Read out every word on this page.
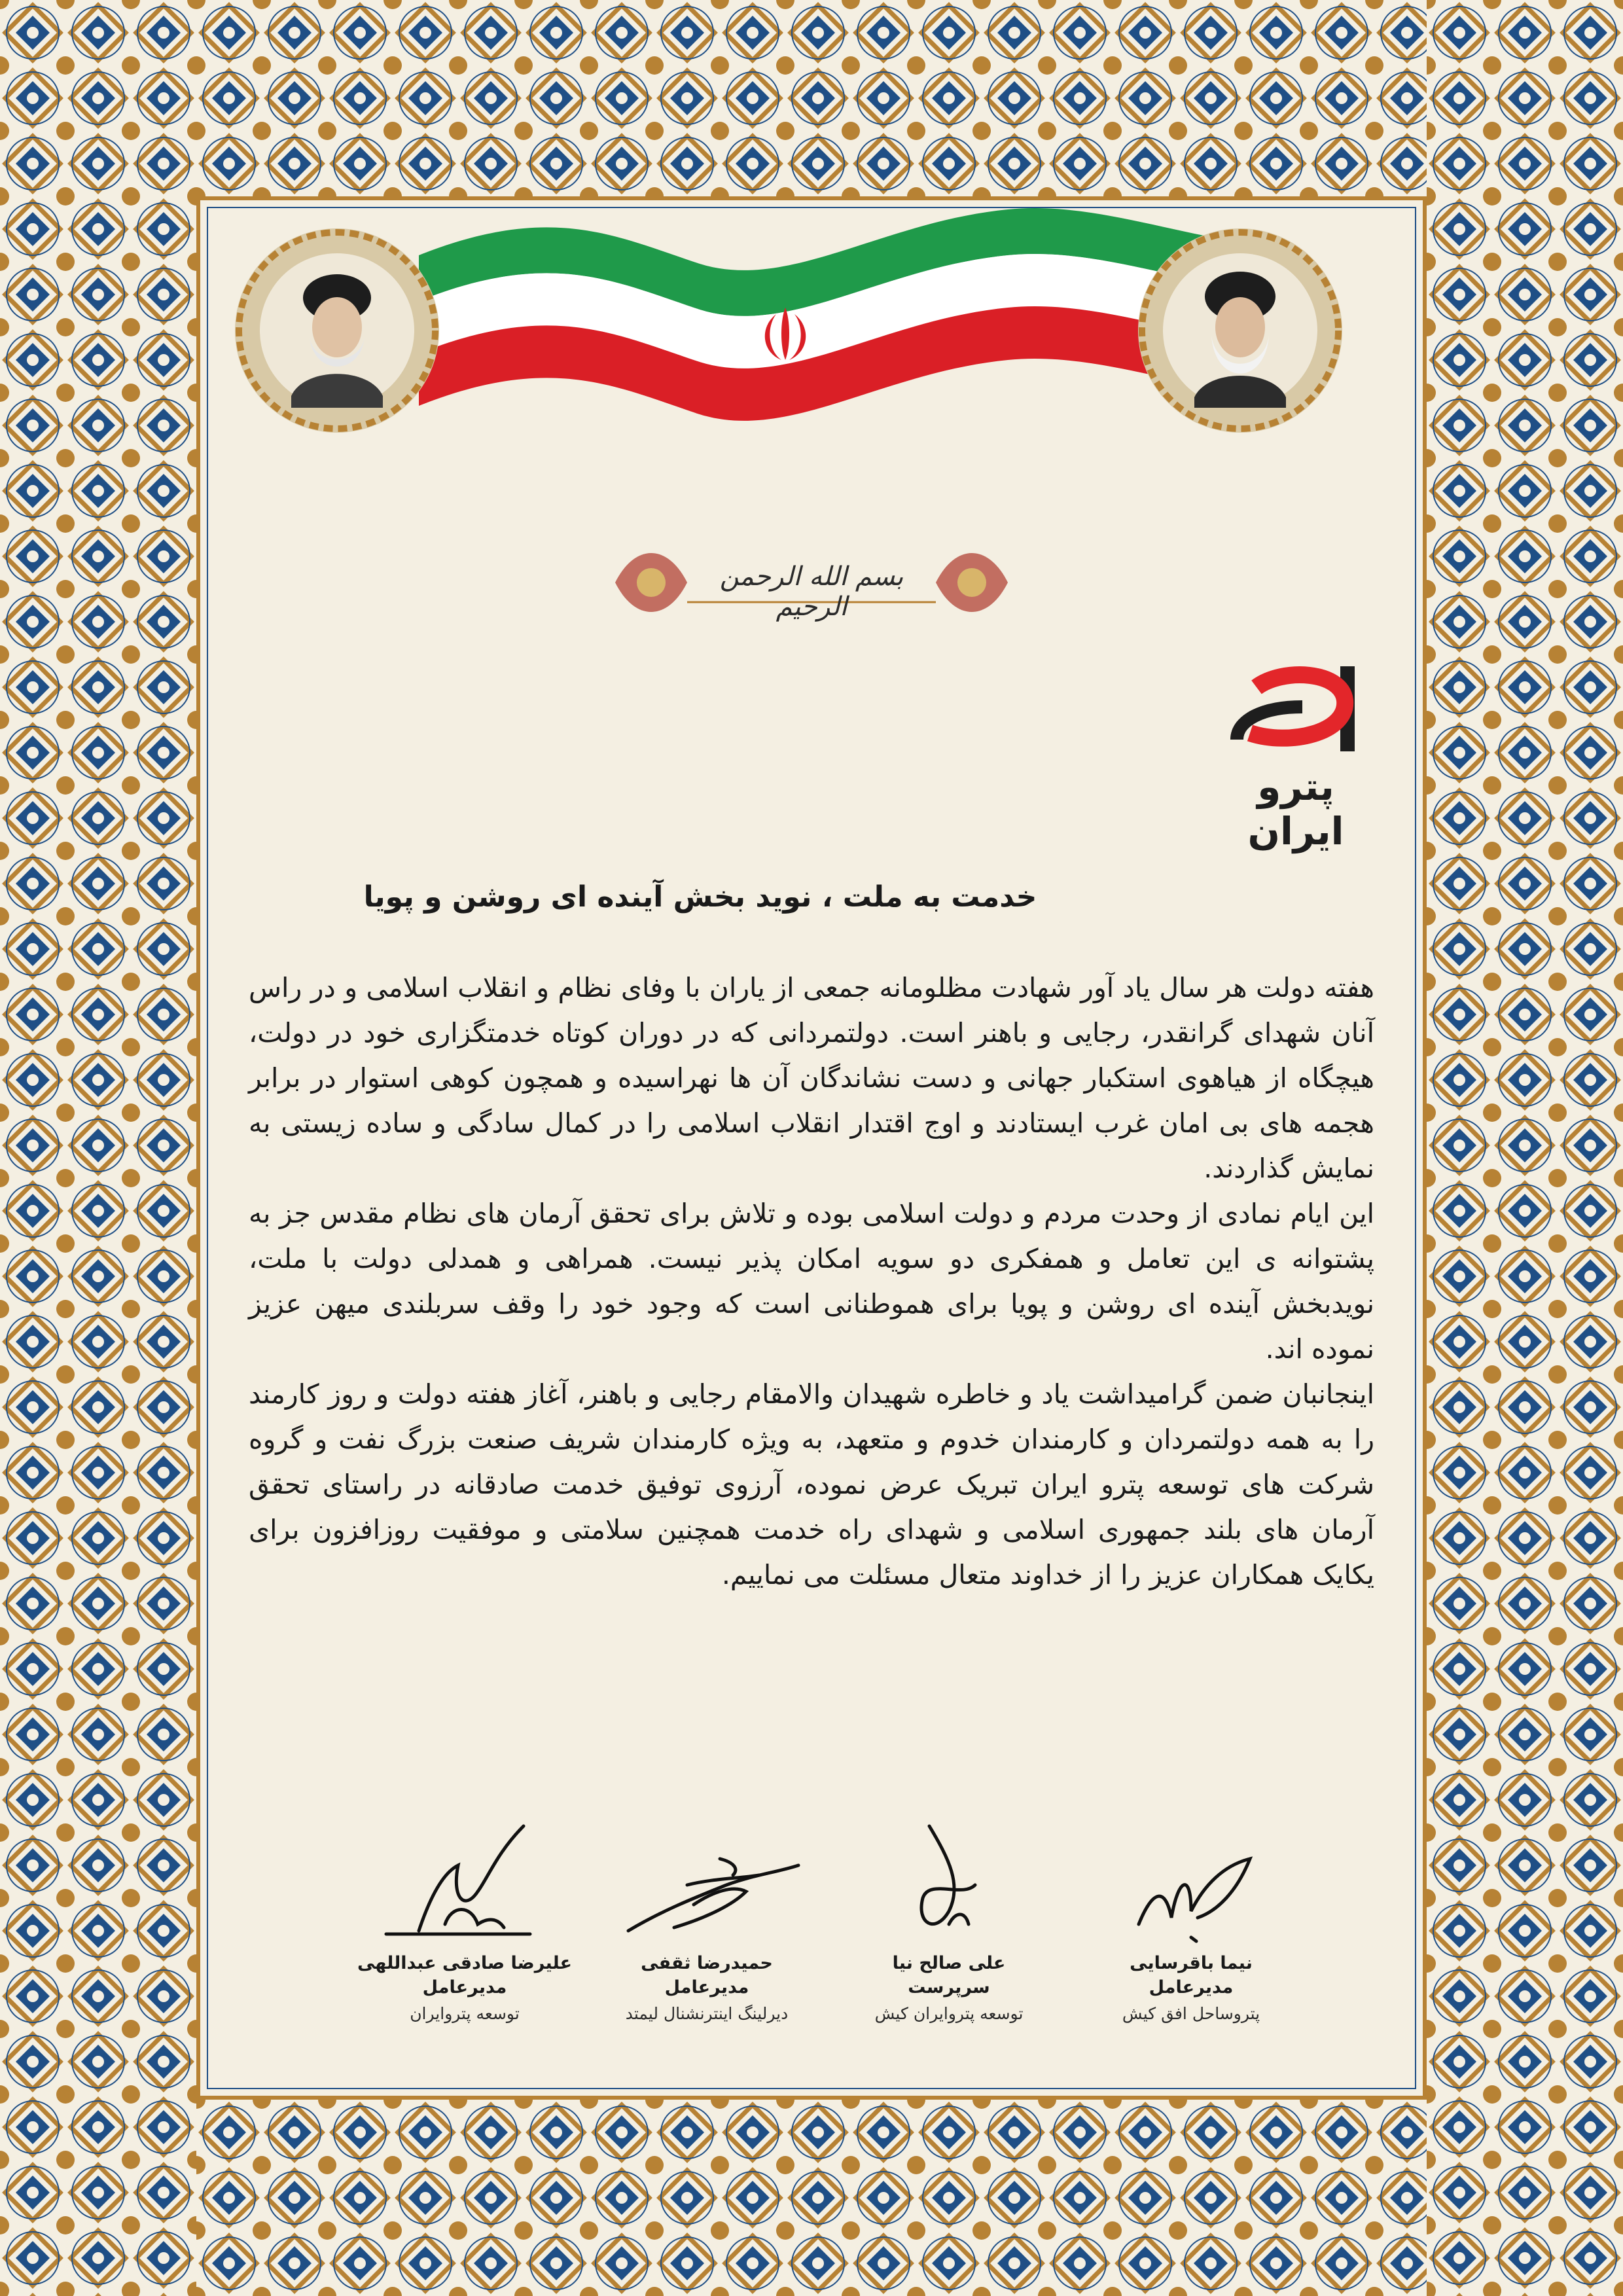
بسم الله الرحمن الرحیم
پترو ایران
خدمت به ملت ، نوید بخش آینده ای روشن و پویا

هفته دولت هر سال یاد آور شهادت مظلومانه جمعی از یاران با وفای نظام و انقلاب اسلامی و در راس آنان شهدای گرانقدر، رجایی و باهنر است. دولتمردانی که در دوران کوتاه خدمتگزاری خود در دولت، هیچگاه از هیاهوی استکبار جهانی و دست نشاندگان آن ها نهراسیده و همچون کوهی استوار در برابر هجمه های بی امان غرب ایستادند و اوج اقتدار انقلاب اسلامی را در کمال سادگی و ساده زیستی به نمایش گذاردند.

این ایام نمادی از وحدت مردم و دولت اسلامی بوده و تلاش برای تحقق آرمان های نظام مقدس جز به پشتوانه ی این تعامل و همفکری دو سویه امکان پذیر نیست. همراهی و همدلی دولت با ملت، نویدبخش آینده ای روشن و پویا برای هموطنانی است که وجود خود را وقف سربلندی میهن عزیز نموده اند.

اینجانبان ضمن گرامیداشت یاد و خاطره شهیدان والامقام رجایی و باهنر، آغاز هفته دولت و روز کارمند را به همه دولتمردان و کارمندان خدوم و متعهد، به ویژه کارمندان شریف صنعت بزرگ نفت و گروه شرکت های توسعه پترو ایران تبریک عرض نموده، آرزوی توفیق خدمت صادقانه در راستای تحقق آرمان های بلند جمهوری اسلامی و شهدای راه خدمت همچنین سلامتی و موفقیت روزافزون برای یکایک همکاران عزیز را از خداوند متعال مسئلت می نماییم.

نیما باقرسایی
مدیرعامل
پتروساحل افق کیش
علی صالح نیا
سرپرست
توسعه پتروایران کیش
حمیدرضا ثقفی
مدیرعامل
دیرلینگ اینترنشنال لیمتد
علیرضا صادقی عبداللهی
مدیرعامل
توسعه پتروایران
